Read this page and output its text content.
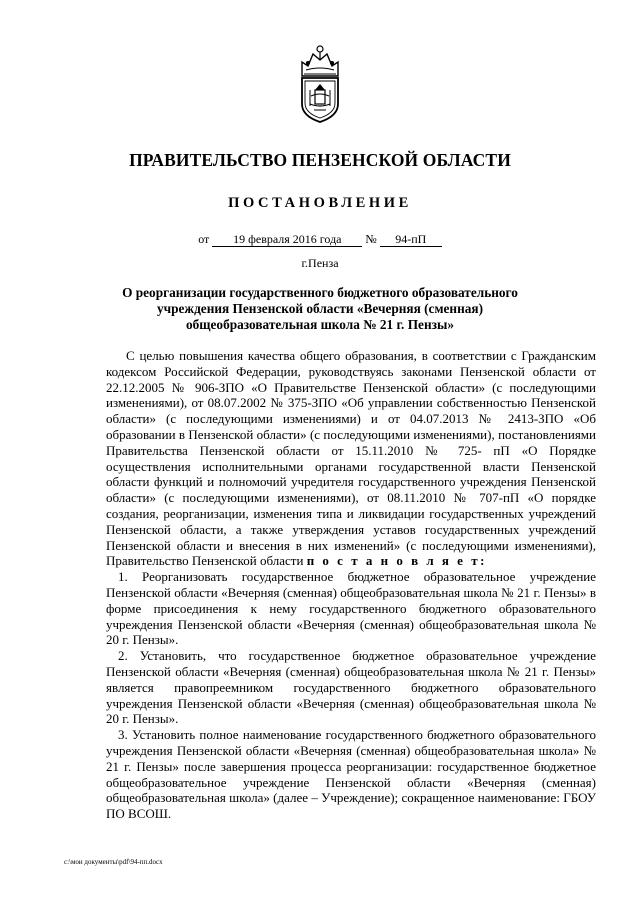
ПРАВИТЕЛЬСТВО ПЕНЗЕНСКОЙ ОБЛАСТИ
ПОСТАНОВЛЕНИЕ
от 19 февраля 2016 года № 94-пП
г.Пенза
О реорганизации государственного бюджетного образовательного учреждения Пензенской области «Вечерняя (сменная) общеобразовательная школа № 21 г. Пензы»

С целью повышения качества общего образования, в соответствии с Гражданским кодексом Российской Федерации, руководствуясь законами Пензенской области от 22.12.2005 № 906-ЗПО «О Правительстве Пензенской области» (с последующими изменениями), от 08.07.2002 № 375-ЗПО «Об управлении собственностью Пензенской области» (с последующими изменениями) и от 04.07.2013 № 2413-ЗПО «Об образовании в Пензенской области» (с последующими изменениями), постановлениями Правительства Пензенской области от 15.11.2010 № 725- пП «О Порядке осуществления исполнительными органами государственной власти Пензенской области функций и полномочий учредителя государственного учреждения Пензенской области» (с последующими изменениями), от 08.11.2010 № 707-пП «О порядке создания, реорганизации, изменения типа и ликвидации государственных учреждений Пензенской области, а также утверждения уставов государственных учреждений Пензенской области и внесения в них изменений» (с последующими изменениями), Правительство Пензенской области п о с т а н о в л я е т:

1. Реорганизовать государственное бюджетное образовательное учреждение Пензенской области «Вечерняя (сменная) общеобразовательная школа № 21 г. Пензы» в форме присоединения к нему государственного бюджетного образовательного учреждения Пензенской области «Вечерняя (сменная) общеобразовательная школа № 20 г. Пензы».

2. Установить, что государственное бюджетное образовательное учреждение Пензенской области «Вечерняя (сменная) общеобразовательная школа № 21 г. Пензы» является правопреемником государственного бюджетного образовательного учреждения Пензенской области «Вечерняя (сменная) общеобразовательная школа № 20 г. Пензы».

3. Установить полное наименование государственного бюджетного образовательного учреждения Пензенской области «Вечерняя (сменная) общеобразовательная школа» № 21 г. Пензы» после завершения процесса реорганизации: государственное бюджетное общеобразовательное учреждение Пензенской области «Вечерняя (сменная) общеобразовательная школа» (далее – Учреждение); сокращенное наименование: ГБОУ ПО ВСОШ.

c:\мои документы\pdf\94-пп.docx
